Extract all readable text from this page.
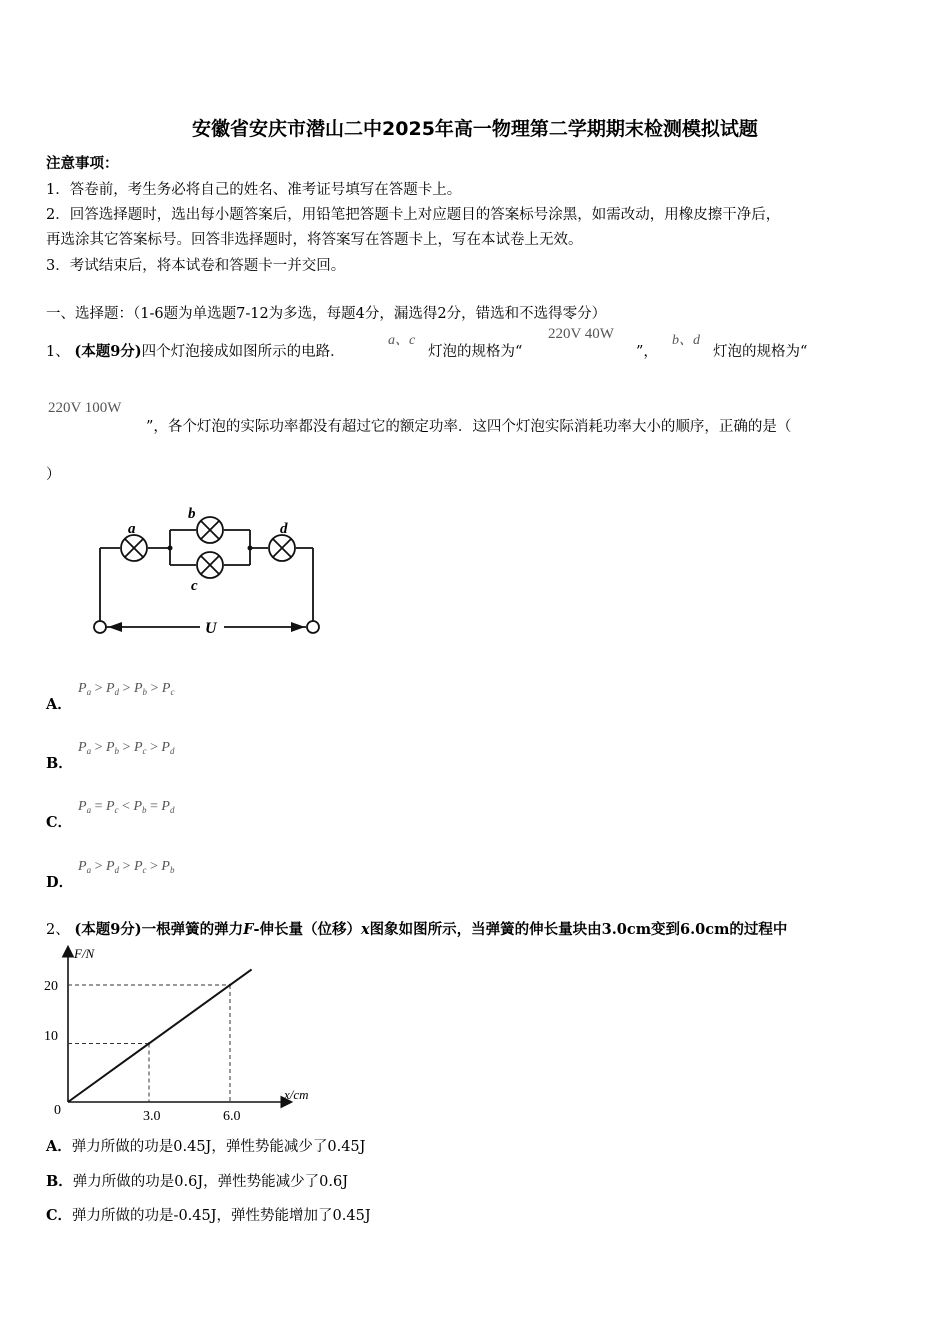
安徽省安庆市潜山二中2025年高一物理第二学期期末检测模拟试题
注意事项：
1．答卷前，考生务必将自己的姓名、准考证号填写在答题卡上。
2．回答选择题时，选出每小题答案后，用铅笔把答题卡上对应题目的答案标号涂黑，如需改动，用橡皮擦干净后，
再选涂其它答案标号。回答非选择题时，将答案写在答题卡上，写在本试卷上无效。
3．考试结束后，将本试卷和答题卡一并交回。
一、选择题：（1-6题为单选题7-12为多选，每题4分，漏选得2分，错选和不选得零分）
1、 (本题9分)四个灯泡接成如图所示的电路．
a、c
灯泡的规格为“
220V 40W
”，
b、d
灯泡的规格为“
220V 100W
”，各个灯泡的实际功率都没有超过它的额定功率．这四个灯泡实际消耗功率大小的顺序，正确的是（
）
a
b
c
d
U
A．
$P_a > P_d > P_b > P_c$
B．
$P_a > P_b > P_c > P_d$
C．
$P_a = P_c < P_b = P_d$
D．
$P_a > P_d > P_c > P_b$
2、 (本题9分)一根弹簧的弹力F-伸长量（位移）x图象如图所示，当弹簧的伸长量块由3.0cm变到6.0cm的过程中
F/N
x/cm
0
20
10
3.0	6.0
A．弹力所做的功是0.45J，弹性势能减少了0.45J
B．弹力所做的功是0.6J，弹性势能减少了0.6J
C．弹力所做的功是-0.45J，弹性势能增加了0.45J
